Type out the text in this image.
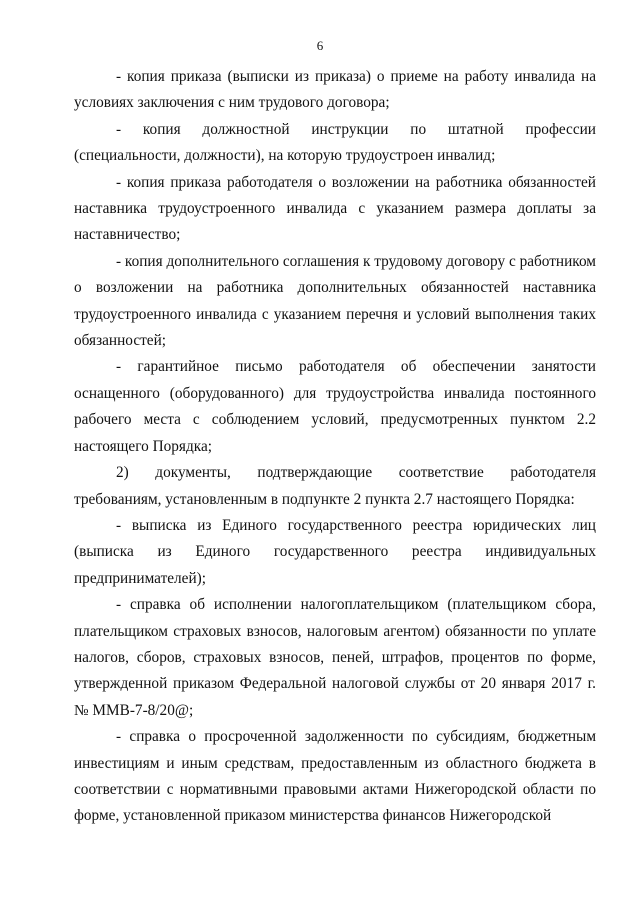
6

- копия приказа (выписки из приказа) о приеме на работу инвалида на условиях заключения с ним трудового договора;

- копия должностной инструкции по штатной профессии (специальности, должности), на которую трудоустроен инвалид;

- копия приказа работодателя о возложении на работника обязанностей наставника трудоустроенного инвалида с указанием размера доплаты за наставничество;

- копия дополнительного соглашения к трудовому договору с работником о возложении на работника дополнительных обязанностей наставника трудоустроенного инвалида с указанием перечня и условий выполнения таких обязанностей;

- гарантийное письмо работодателя об обеспечении занятости оснащенного (оборудованного) для трудоустройства инвалида постоянного рабочего места с соблюдением условий, предусмотренных пунктом 2.2 настоящего Порядка;

2) документы, подтверждающие соответствие работодателя требованиям, установленным в подпункте 2 пункта 2.7 настоящего Порядка:

- выписка из Единого государственного реестра юридических лиц (выписка из Единого государственного реестра индивидуальных предпринимателей);

- справка об исполнении налогоплательщиком (плательщиком сбора, плательщиком страховых взносов, налоговым агентом) обязанности по уплате налогов, сборов, страховых взносов, пеней, штрафов, процентов по форме, утвержденной приказом Федеральной налоговой службы от 20 января 2017 г. № ММВ-7-8/20@;

- справка о просроченной задолженности по субсидиям, бюджетным инвестициям и иным средствам, предоставленным из областного бюджета в соответствии с нормативными правовыми актами Нижегородской области по форме, установленной приказом министерства финансов Нижегородской
